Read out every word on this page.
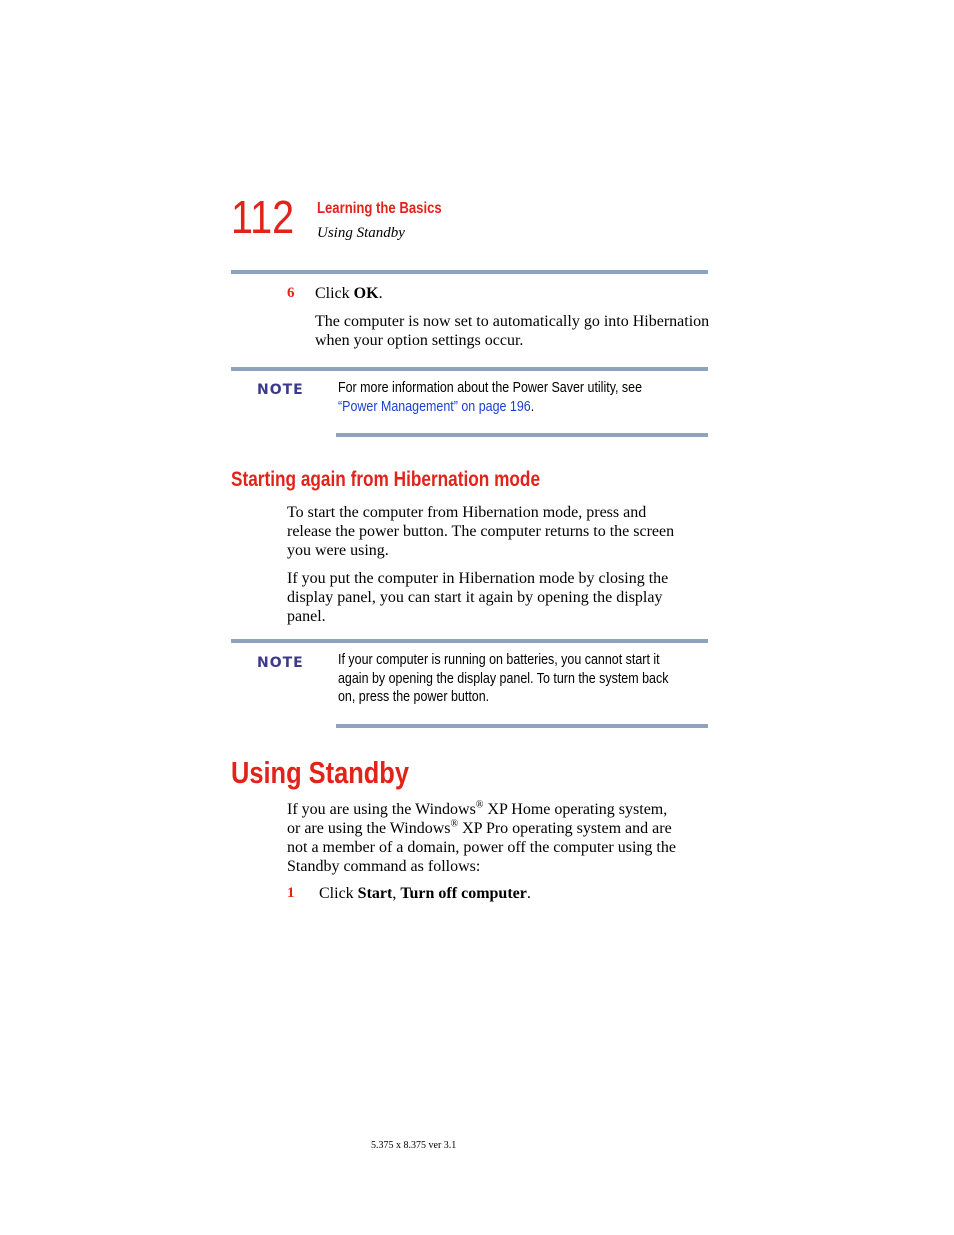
112 Learning the Basics
Using Standby
6 Click OK.
The computer is now set to automatically go into Hibernation
when your option settings occur.
NOTE For more information about the Power Saver utility, see
“Power Management” on page 196.
Starting again from Hibernation mode
To start the computer from Hibernation mode, press and
release the power button. The computer returns to the screen
you were using.
If you put the computer in Hibernation mode by closing the
display panel, you can start it again by opening the display
panel.
NOTE If your computer is running on batteries, you cannot start it
again by opening the display panel. To turn the system back
on, press the power button.
Using Standby
If you are using the Windows® XP Home operating system,
or are using the Windows® XP Pro operating system and are
not a member of a domain, power off the computer using the
Standby command as follows:
1 Click Start, Turn off computer.
5.375 x 8.375 ver 3.1
